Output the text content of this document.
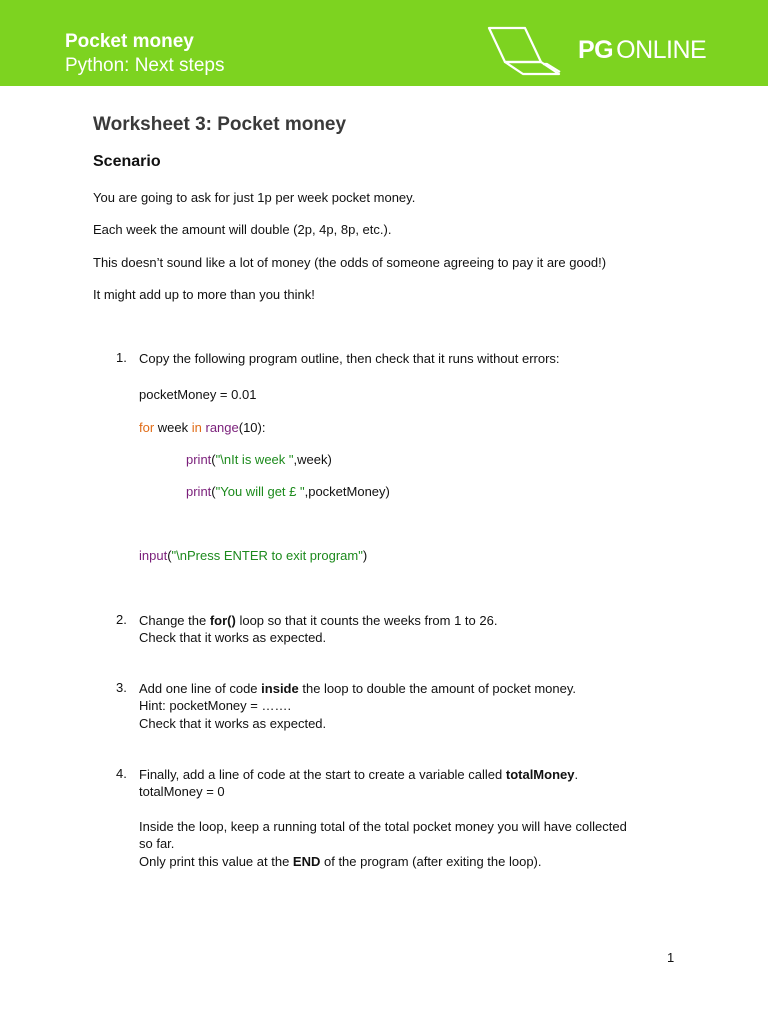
Pocket money
Python: Next steps
PG ONLINE
Worksheet 3: Pocket money
Scenario
You are going to ask for just 1p per week pocket money.
Each week the amount will double (2p, 4p, 8p, etc.).
This doesn’t sound like a lot of money (the odds of someone agreeing to pay it are good!)
It might add up to more than you think!
1. Copy the following program outline, then check that it runs without errors:
pocketMoney = 0.01
for week in range(10):
print("\nIt is week ",week)
print("You will get £ ",pocketMoney)
input("\nPress ENTER to exit program")
2. Change the for() loop so that it counts the weeks from 1 to 26.
Check that it works as expected.
3. Add one line of code inside the loop to double the amount of pocket money.
Hint: pocketMoney = …….
Check that it works as expected.
4. Finally, add a line of code at the start to create a variable called totalMoney.
totalMoney = 0
Inside the loop, keep a running total of the total pocket money you will have collected
so far.
Only print this value at the END of the program (after exiting the loop).
1
